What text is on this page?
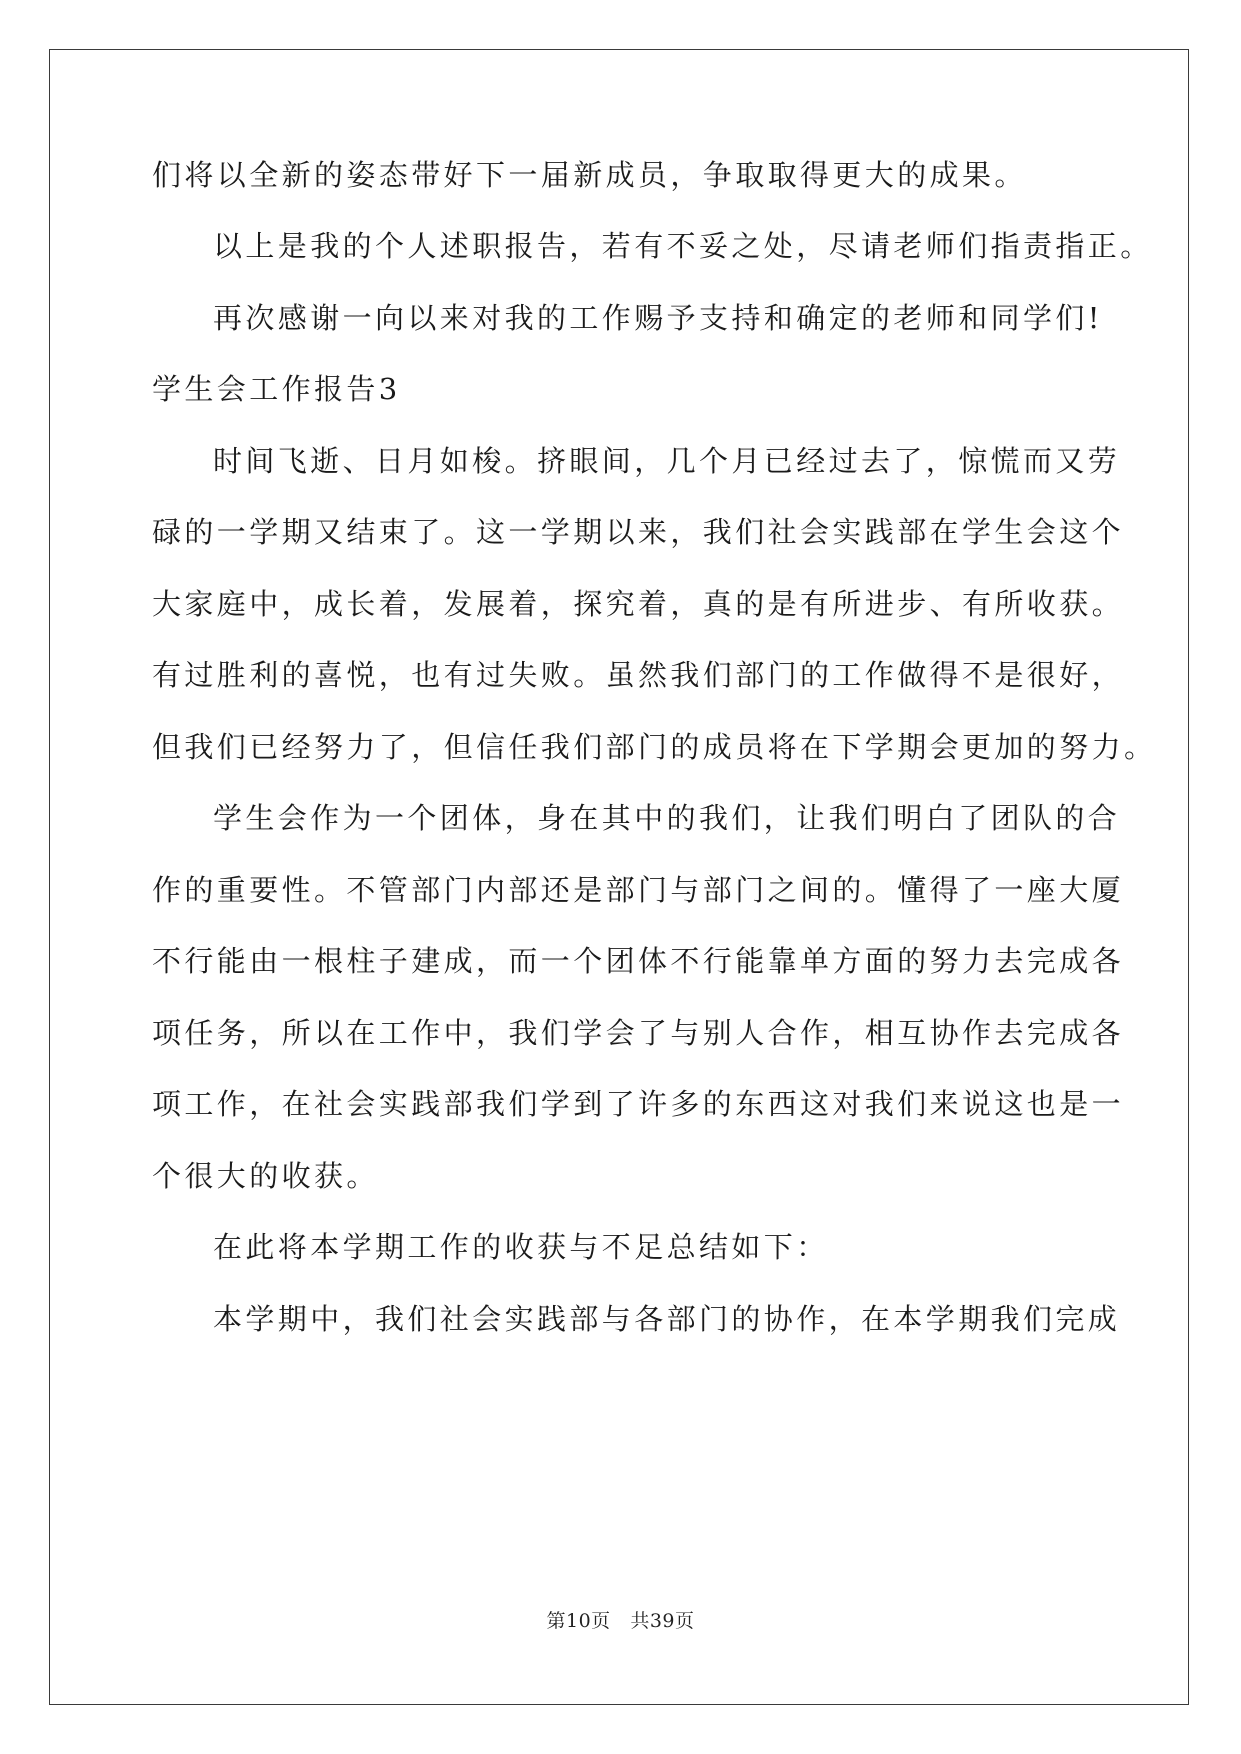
们将以全新的姿态带好下一届新成员，争取取得更大的成果。
以上是我的个人述职报告，若有不妥之处，尽请老师们指责指正。
再次感谢一向以来对我的工作赐予支持和确定的老师和同学们!
学生会工作报告3
时间飞逝、日月如梭。挤眼间，几个月已经过去了，惊慌而又劳
碌的一学期又结束了。这一学期以来，我们社会实践部在学生会这个
大家庭中，成长着，发展着，探究着，真的是有所进步、有所收获。
有过胜利的喜悦，也有过失败。虽然我们部门的工作做得不是很好，
但我们已经努力了，但信任我们部门的成员将在下学期会更加的努力。
学生会作为一个团体，身在其中的我们，让我们明白了团队的合
作的重要性。不管部门内部还是部门与部门之间的。懂得了一座大厦
不行能由一根柱子建成，而一个团体不行能靠单方面的努力去完成各
项任务，所以在工作中，我们学会了与别人合作，相互协作去完成各
项工作，在社会实践部我们学到了许多的东西这对我们来说这也是一
个很大的收获。
在此将本学期工作的收获与不足总结如下：
本学期中，我们社会实践部与各部门的协作，在本学期我们完成
第10页 共39页
